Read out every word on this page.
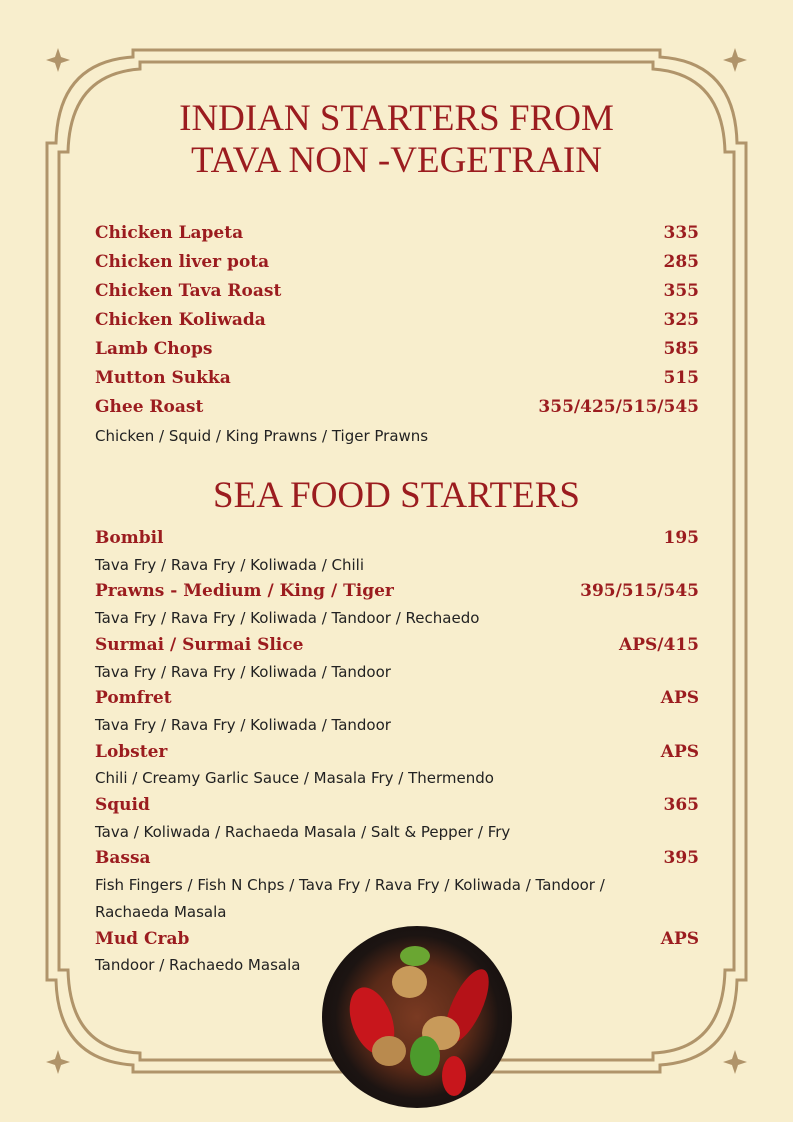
INDIAN STARTERS FROM
TAVA NON -VEGETRAIN
Chicken Lapeta	335
Chicken liver pota	285
Chicken Tava Roast	355
Chicken Koliwada	325
Lamb Chops	585
Mutton Sukka	515
Ghee Roast	355/425/515/545
Chicken / Squid / King Prawns / Tiger Prawns
SEA FOOD STARTERS
Bombil	195
Tava Fry / Rava Fry / Koliwada / Chili
Prawns - Medium / King / Tiger	395/515/545
Tava Fry / Rava Fry / Koliwada / Tandoor / Rechaedo
Surmai / Surmai Slice	APS/415
Tava Fry / Rava Fry / Koliwada / Tandoor
Pomfret	APS
Tava Fry / Rava Fry / Koliwada / Tandoor
Lobster	APS
Chili / Creamy Garlic Sauce / Masala Fry / Thermendo
Squid	365
Tava / Koliwada / Rachaeda Masala / Salt & Pepper / Fry
Bassa	395
Fish Fingers / Fish N Chps / Tava Fry / Rava Fry / Koliwada / Tandoor /
Rachaeda Masala
Mud Crab	APS
Tandoor / Rachaedo Masala
